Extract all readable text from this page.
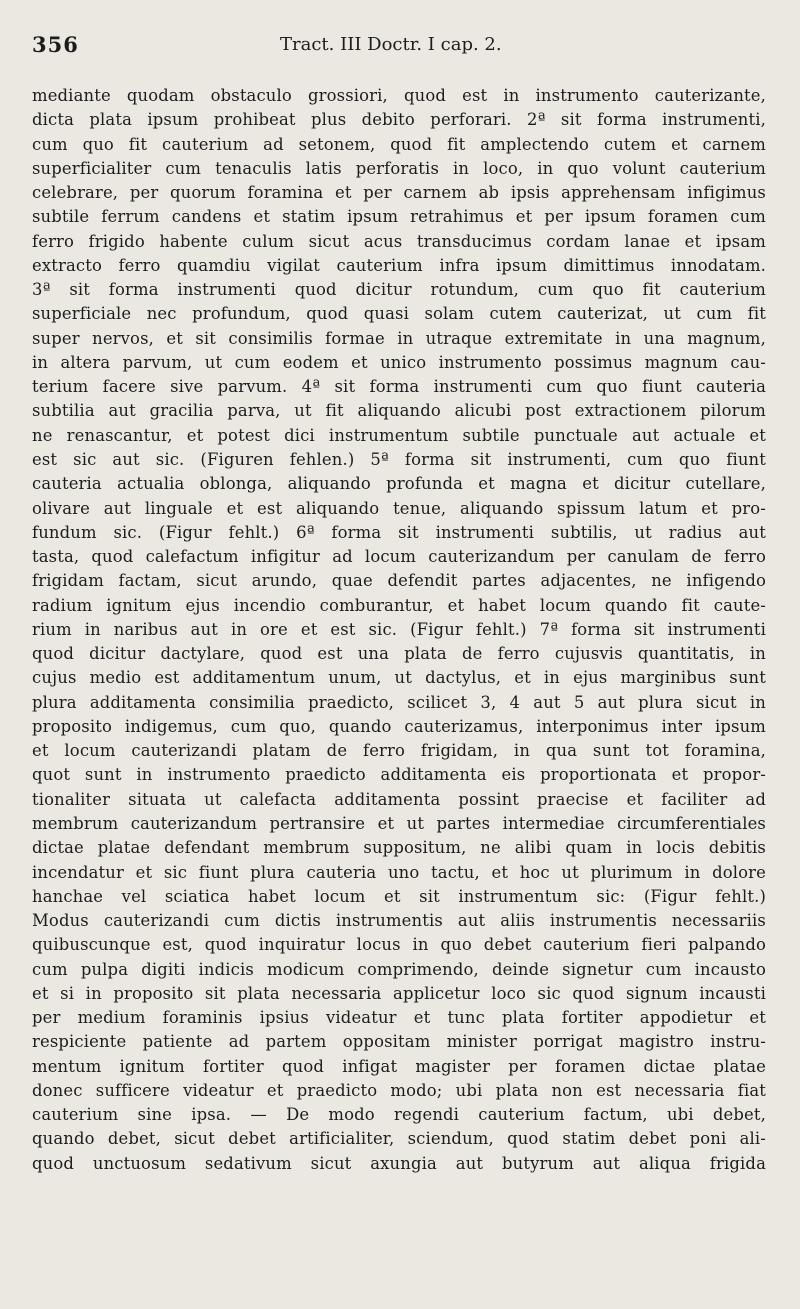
356	Tract. III Doctr. I cap. 2.
mediante quodam obstaculo grossiori, quod est in instrumento cauterizante,
dicta plata ipsum prohibeat plus debito perforari. 2ª sit forma instrumenti,
cum quo fit cauterium ad setonem, quod fit amplectendo cutem et carnem
superficialiter cum tenaculis latis perforatis in loco, in quo volunt cauterium
celebrare, per quorum foramina et per carnem ab ipsis apprehensam infigimus
subtile ferrum candens et statim ipsum retrahimus et per ipsum foramen cum
ferro frigido habente culum sicut acus transducimus cordam lanae et ipsam
extracto ferro quamdiu vigilat cauterium infra ipsum dimittimus innodatam.
3ª sit forma instrumenti quod dicitur rotundum, cum quo fit cauterium
superficiale nec profundum, quod quasi solam cutem cauterizat, ut cum fit
super nervos, et sit consimilis formae in utraque extremitate in una magnum,
in altera parvum, ut cum eodem et unico instrumento possimus magnum cau-
terium facere sive parvum. 4ª sit forma instrumenti cum quo fiunt cauteria
subtilia aut gracilia parva, ut fit aliquando alicubi post extractionem pilorum
ne renascantur, et potest dici instrumentum subtile punctuale aut actuale et
est sic aut sic. (Figuren fehlen.) 5ª forma sit instrumenti, cum quo fiunt
cauteria actualia oblonga, aliquando profunda et magna et dicitur cutellare,
olivare aut linguale et est aliquando tenue, aliquando spissum latum et pro-
fundum sic. (Figur fehlt.) 6ª forma sit instrumenti subtilis, ut radius aut
tasta, quod calefactum infigitur ad locum cauterizandum per canulam de ferro
frigidam factam, sicut arundo, quae defendit partes adjacentes, ne infigendo
radium ignitum ejus incendio comburantur, et habet locum quando fit caute-
rium in naribus aut in ore et est sic. (Figur fehlt.) 7ª forma sit instrumenti
quod dicitur dactylare, quod est una plata de ferro cujusvis quantitatis, in
cujus medio est additamentum unum, ut dactylus, et in ejus marginibus sunt
plura additamenta consimilia praedicto, scilicet 3, 4 aut 5 aut plura sicut in
proposito indigemus, cum quo, quando cauterizamus, interponimus inter ipsum
et locum cauterizandi platam de ferro frigidam, in qua sunt tot foramina,
quot sunt in instrumento praedicto additamenta eis proportionata et propor-
tionaliter situata ut calefacta additamenta possint praecise et faciliter ad
membrum cauterizandum pertransire et ut partes intermediae circumferentiales
dictae platae defendant membrum suppositum, ne alibi quam in locis debitis
incendatur et sic fiunt plura cauteria uno tactu, et hoc ut plurimum in dolore
hanchae vel sciatica habet locum et sit instrumentum sic: (Figur fehlt.)
Modus cauterizandi cum dictis instrumentis aut aliis instrumentis necessariis
quibuscunque est, quod inquiratur locus in quo debet cauterium fieri palpando
cum pulpa digiti indicis modicum comprimendo, deinde signetur cum incausto
et si in proposito sit plata necessaria applicetur loco sic quod signum incausti
per medium foraminis ipsius videatur et tunc plata fortiter appodietur et
respiciente patiente ad partem oppositam minister porrigat magistro instru-
mentum ignitum fortiter quod infigat magister per foramen dictae platae
donec sufficere videatur et praedicto modo; ubi plata non est necessaria fiat
cauterium sine ipsa. — De modo regendi cauterium factum, ubi debet,
quando debet, sicut debet artificialiter, sciendum, quod statim debet poni ali-
quod unctuosum sedativum sicut axungia aut butyrum aut aliqua frigida
